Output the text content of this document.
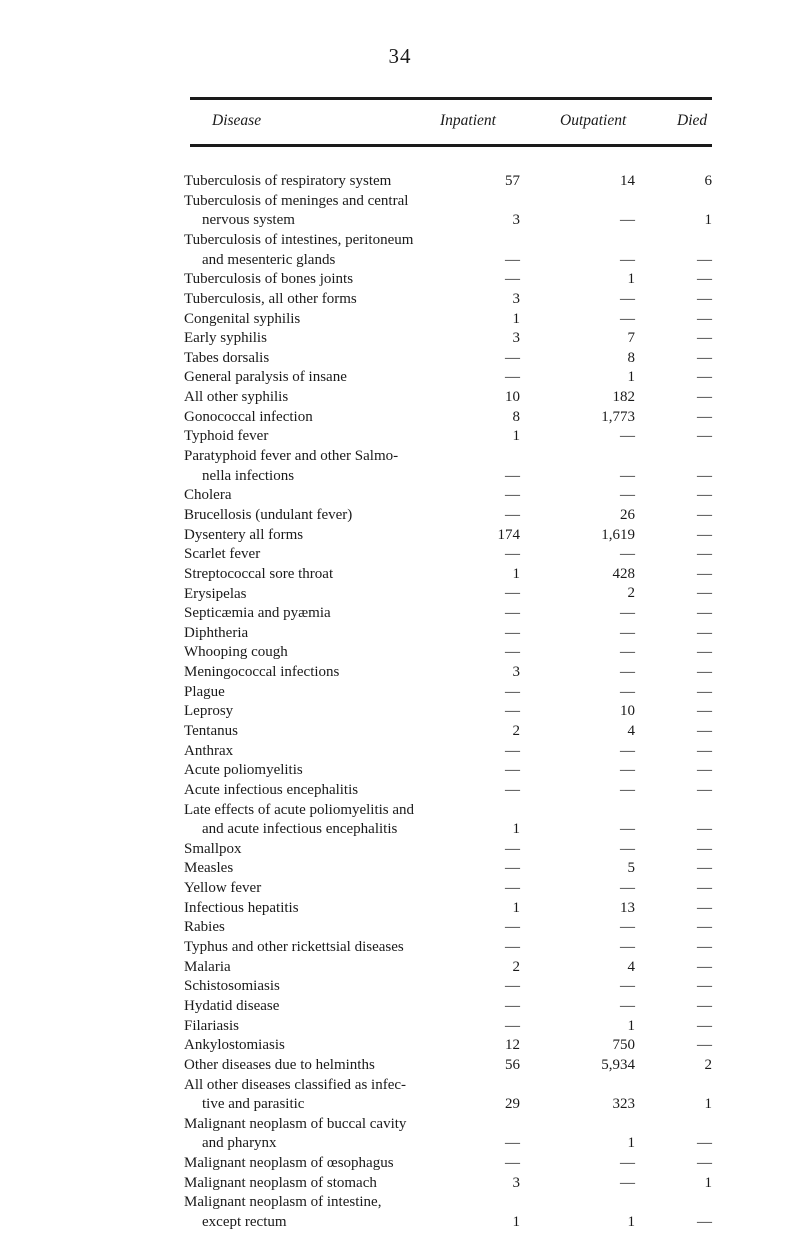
34
Disease	Inpatient	Outpatient	Died
Tuberculosis of respiratory system	57	14	6
Tuberculosis of meninges and central
nervous system	3	—	1
Tuberculosis of intestines, peritoneum
and mesenteric glands	—	—	—
Tuberculosis of bones joints	—	1	—
Tuberculosis, all other forms	3	—	—
Congenital syphilis	1	—	—
Early syphilis	3	7	—
Tabes dorsalis	—	8	—
General paralysis of insane	—	1	—
All other syphilis	10	182	—
Gonococcal infection	8	1,773	—
Typhoid fever	1	—	—
Paratyphoid fever and other Salmo-
nella infections	—	—	—
Cholera	—	—	—
Brucellosis (undulant fever)	—	26	—
Dysentery all forms	174	1,619	—
Scarlet fever	—	—	—
Streptococcal sore throat	1	428	—
Erysipelas	—	2	—
Septicæmia and pyæmia	—	—	—
Diphtheria	—	—	—
Whooping cough	—	—	—
Meningococcal infections	3	—	—
Plague	—	—	—
Leprosy	—	10	—
Tentanus	2	4	—
Anthrax	—	—	—
Acute poliomyelitis	—	—	—
Acute infectious encephalitis	—	—	—
Late effects of acute poliomyelitis and
and acute infectious encephalitis	1	—	—
Smallpox	—	—	—
Measles	—	5	—
Yellow fever	—	—	—
Infectious hepatitis	1	13	—
Rabies	—	—	—
Typhus and other rickettsial diseases	—	—	—
Malaria	2	4	—
Schistosomiasis	—	—	—
Hydatid disease	—	—	—
Filariasis	—	1	—
Ankylostomiasis	12	750	—
Other diseases due to helminths	56	5,934	2
All other diseases classified as infec-
tive and parasitic	29	323	1
Malignant neoplasm of buccal cavity
and pharynx	—	1	—
Malignant neoplasm of œsophagus	—	—	—
Malignant neoplasm of stomach	3	—	1
Malignant neoplasm of intestine,
except rectum	1	1	—
